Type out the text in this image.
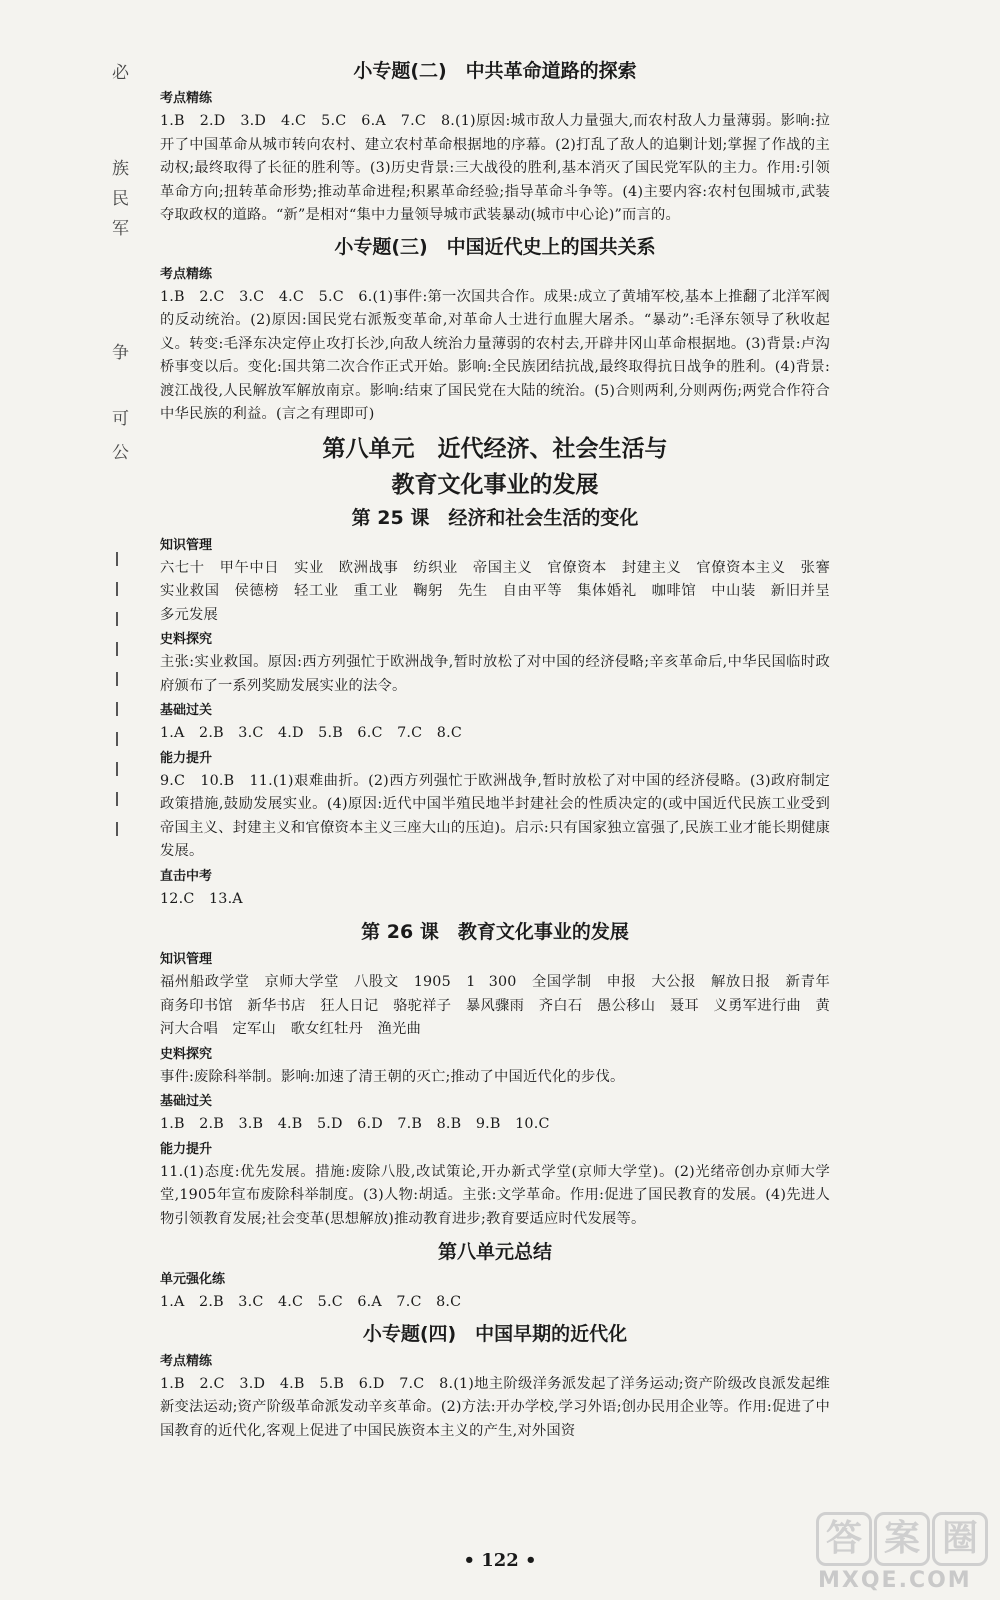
必
族
民
军
争
可
公
小专题(二)　中共革命道路的探索
考点精练

1.B　2.D　3.D　4.C　5.C　6.A　7.C　8.(1)原因:城市敌人力量强大,而农村敌人力量薄弱。影响:拉开了中国革命从城市转向农村、建立农村革命根据地的序幕。(2)打乱了敌人的追剿计划;掌握了作战的主动权;最终取得了长征的胜利等。(3)历史背景:三大战役的胜利,基本消灭了国民党军队的主力。作用:引领革命方向;扭转革命形势;推动革命进程;积累革命经验;指导革命斗争等。(4)主要内容:农村包围城市,武装夺取政权的道路。“新”是相对“集中力量领导城市武装暴动(城市中心论)”而言的。

小专题(三)　中国近代史上的国共关系
考点精练

1.B　2.C　3.C　4.C　5.C　6.(1)事件:第一次国共合作。成果:成立了黄埔军校,基本上推翻了北洋军阀的反动统治。(2)原因:国民党右派叛变革命,对革命人士进行血腥大屠杀。“暴动”:毛泽东领导了秋收起义。转变:毛泽东决定停止攻打长沙,向敌人统治力量薄弱的农村去,开辟井冈山革命根据地。(3)背景:卢沟桥事变以后。变化:国共第二次合作正式开始。影响:全民族团结抗战,最终取得抗日战争的胜利。(4)背景:渡江战役,人民解放军解放南京。影响:结束了国民党在大陆的统治。(5)合则两利,分则两伤;两党合作符合中华民族的利益。(言之有理即可)

第八单元　近代经济、社会生活与
教育文化事业的发展
第 25 课　经济和社会生活的变化
知识管理

六七十　甲午中日　实业　欧洲战事　纺织业　帝国主义　官僚资本　封建主义　官僚资本主义　张謇　实业救国　侯德榜　轻工业　重工业　鞠躬　先生　自由平等　集体婚礼　咖啡馆　中山装　新旧并呈　多元发展

史料探究

主张:实业救国。原因:西方列强忙于欧洲战争,暂时放松了对中国的经济侵略;辛亥革命后,中华民国临时政府颁布了一系列奖励发展实业的法令。

基础过关

1.A　2.B　3.C　4.D　5.B　6.C　7.C　8.C

能力提升

9.C　10.B　11.(1)艰难曲折。(2)西方列强忙于欧洲战争,暂时放松了对中国的经济侵略。(3)政府制定政策措施,鼓励发展实业。(4)原因:近代中国半殖民地半封建社会的性质决定的(或中国近代民族工业受到帝国主义、封建主义和官僚资本主义三座大山的压迫)。启示:只有国家独立富强了,民族工业才能长期健康发展。

直击中考

12.C　13.A

第 26 课　教育文化事业的发展
知识管理

福州船政学堂　京师大学堂　八股文　1905　1 300　全国学制　申报　大公报　解放日报　新青年　商务印书馆　新华书店　狂人日记　骆驼祥子　暴风骤雨　齐白石　愚公移山　聂耳　义勇军进行曲　黄河大合唱　定军山　歌女红牡丹　渔光曲

史料探究

事件:废除科举制。影响:加速了清王朝的灭亡;推动了中国近代化的步伐。

基础过关

1.B　2.B　3.B　4.B　5.D　6.D　7.B　8.B　9.B　10.C

能力提升

11.(1)态度:优先发展。措施:废除八股,改试策论,开办新式学堂(京师大学堂)。(2)光绪帝创办京师大学堂,1905年宣布废除科举制度。(3)人物:胡适。主张:文学革命。作用:促进了国民教育的发展。(4)先进人物引领教育发展;社会变革(思想解放)推动教育进步;教育要适应时代发展等。

第八单元总结
单元强化练

1.A　2.B　3.C　4.C　5.C　6.A　7.C　8.C

小专题(四)　中国早期的近代化
考点精练

1.B　2.C　3.D　4.B　5.B　6.D　7.C　8.(1)地主阶级洋务派发起了洋务运动;资产阶级改良派发起维新变法运动;资产阶级革命派发动辛亥革命。(2)方法:开办学校,学习外语;创办民用企业等。作用:促进了中国教育的近代化,客观上促进了中国民族资本主义的产生,对外国资

• 122 •
答 案 圈
MXQE.COM
